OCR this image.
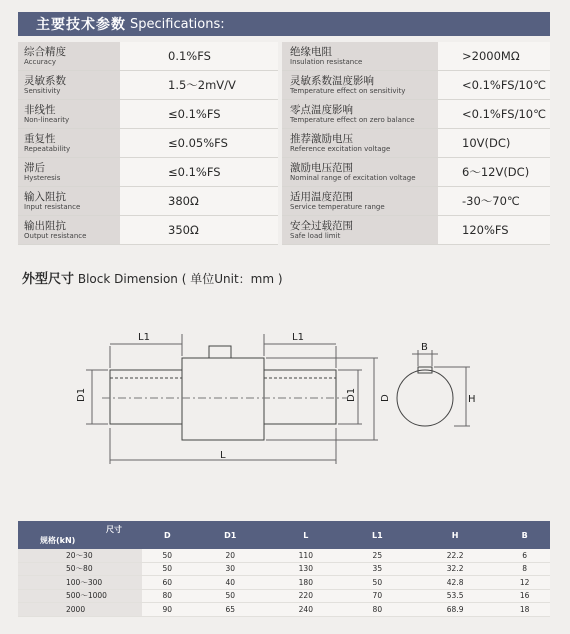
主要技术参数 Specifications:
综合精度
Accuracy	0.1%FS	绝缘电阻
Insulation resistance	>2000MΩ

灵敏系数
Sensitivity	1.5～2mV/V	灵敏系数温度影响
Temperature effect on sensitivity	<0.1%FS/10℃

非线性
Non-linearity	≤0.1%FS	零点温度影响
Temperature effect on zero balance	<0.1%FS/10℃

重复性
Repeatability	≤0.05%FS	推荐激励电压
Reference excitation voltage	10V(DC)

滞后
Hysteresis	≤0.1%FS	激励电压范围
Nominal range of excitation voltage	6～12V(DC)

输入阻抗
Input resistance	380Ω	适用温度范围
Service temperature range	-30～70℃

输出阻抗
Output resistance	350Ω	安全过载范围
Safe load limit	120%FS
外型尺寸 Block Dimension ( 单位Unit：mm )
L1	L1
L
D1	D1 D
B
H
尺寸
规格(kN)	D	D1	L	L1	H	B
20～30	50	20	110	25	22.2	6
50～80	50	30	130	35	32.2	8
100～300	60	40	180	50	42.8	12
500～1000	80	50	220	70	53.5	16
2000	90	65	240	80	68.9	18
